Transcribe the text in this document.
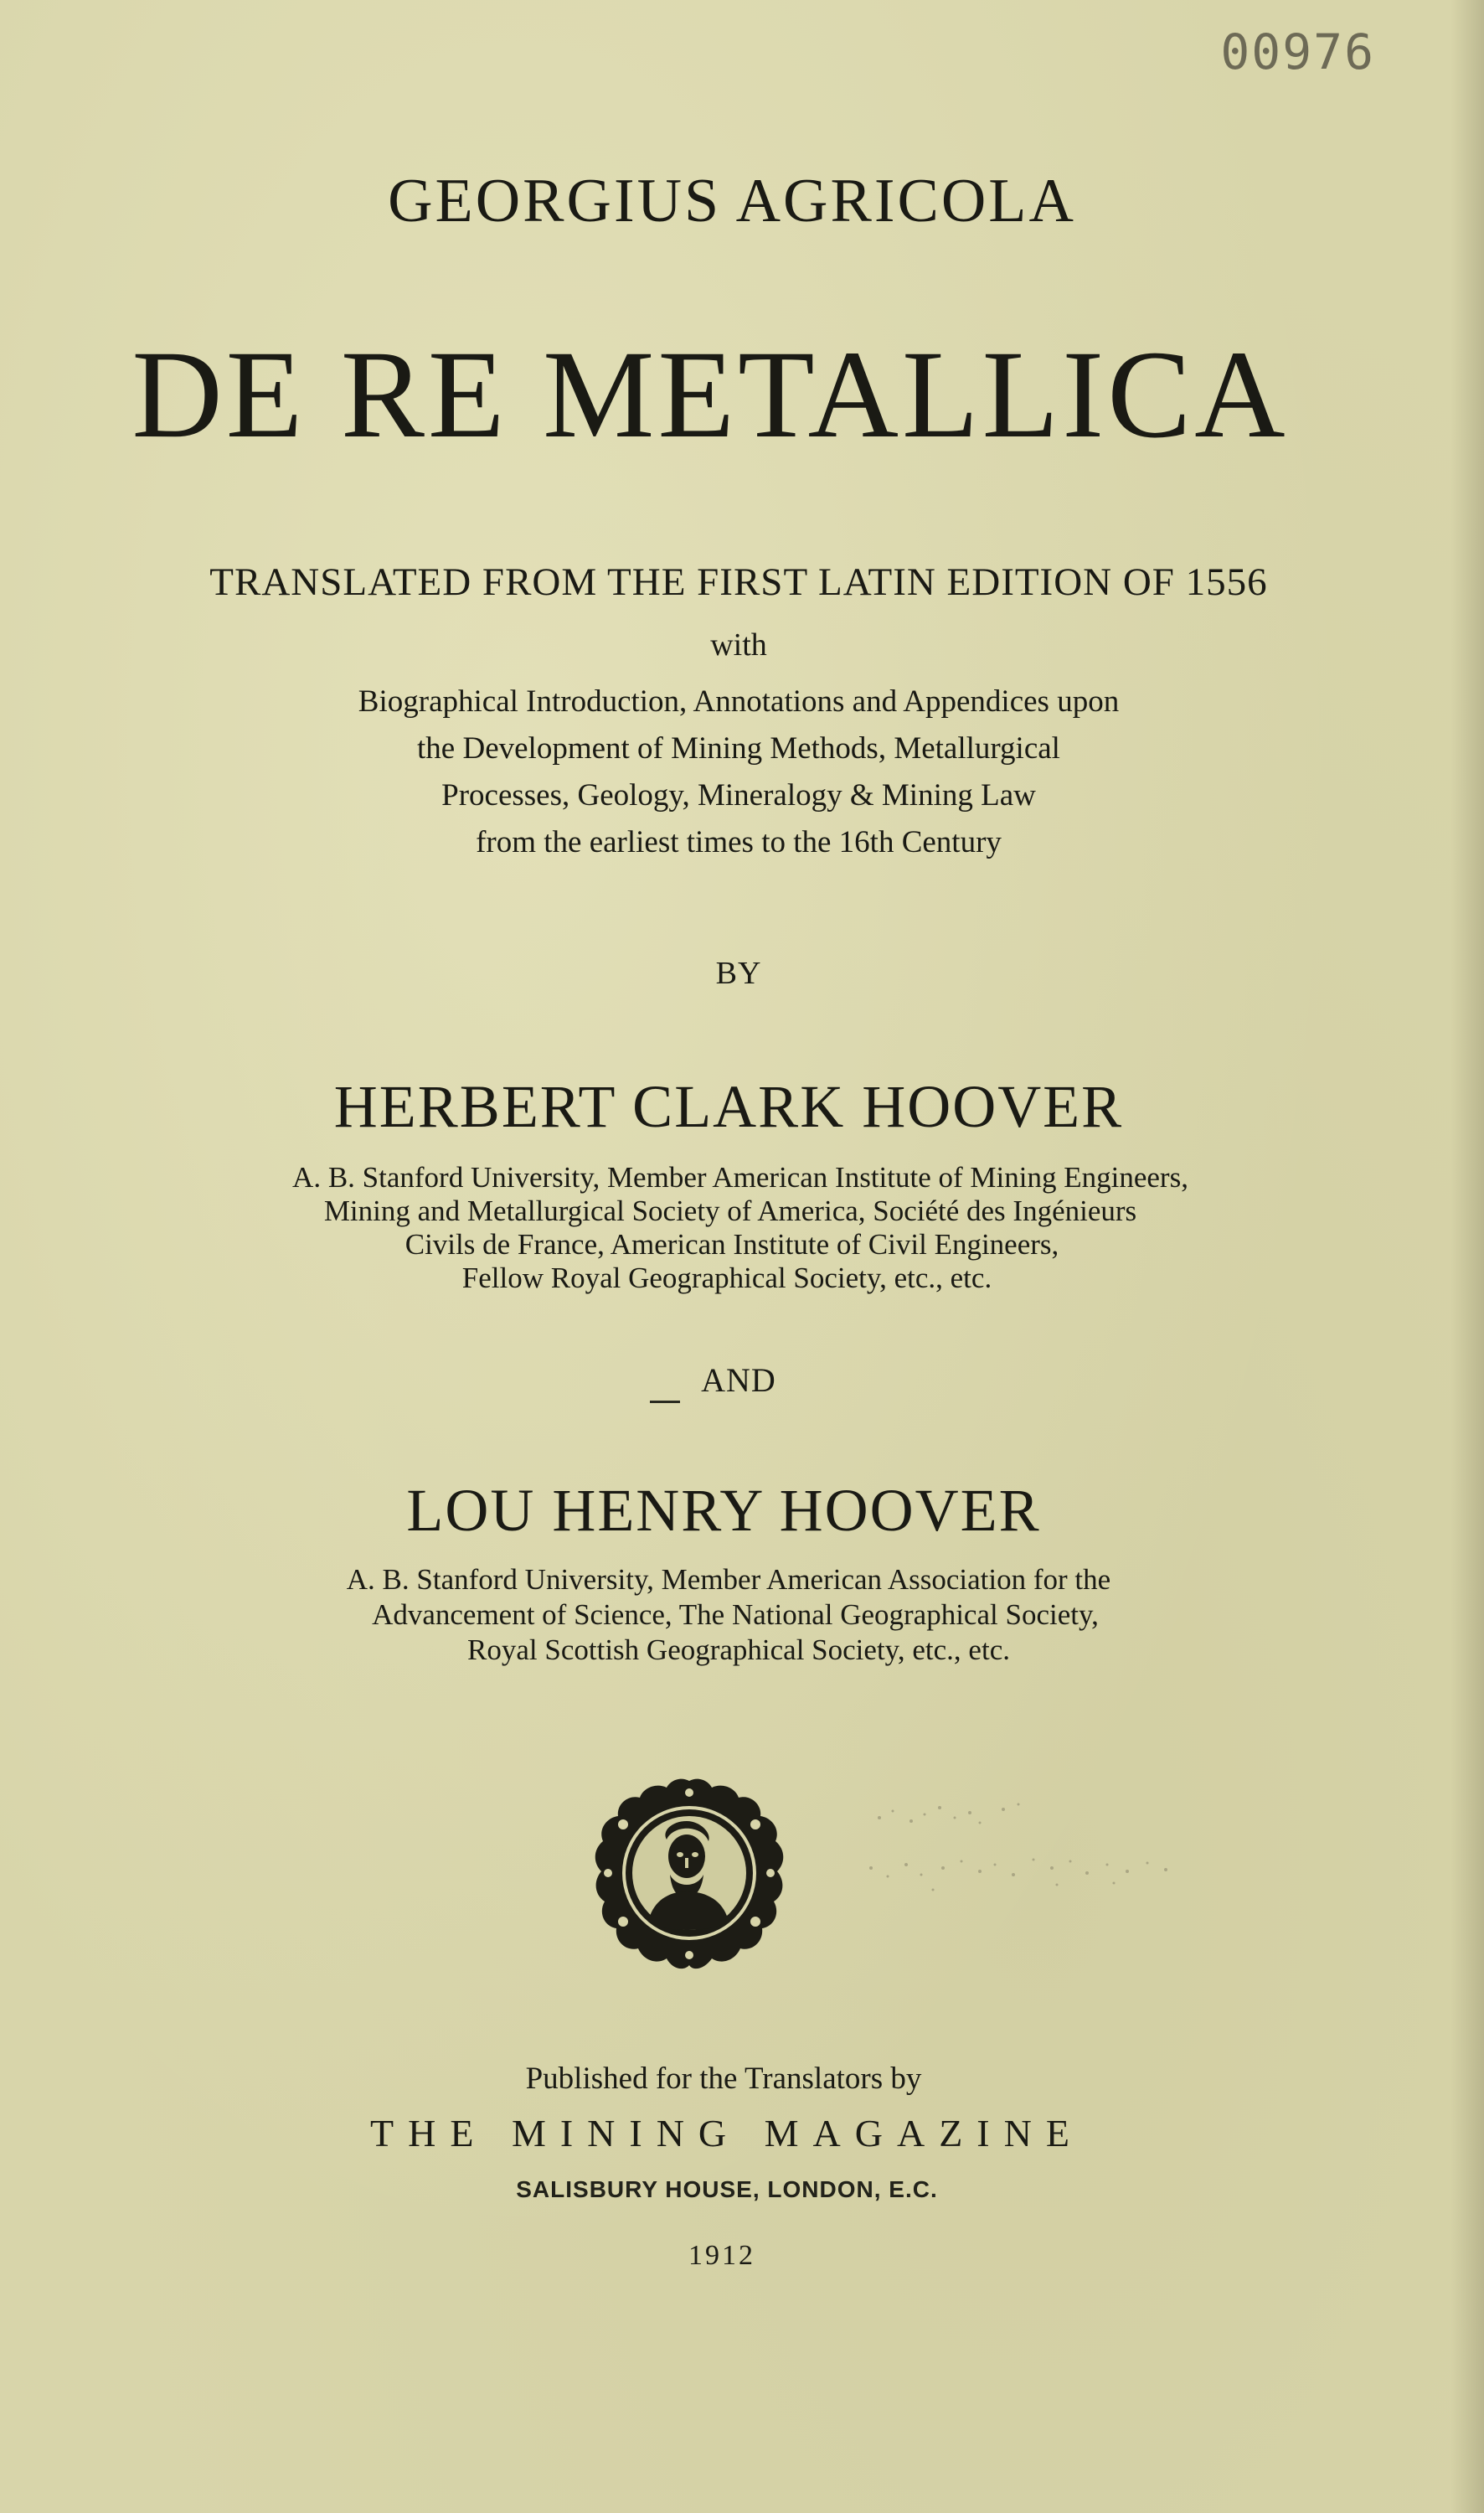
00976

GEORGIUS AGRICOLA

DE RE METALLICA

TRANSLATED FROM THE FIRST LATIN EDITION OF 1556

with

Biographical Introduction, Annotations and Appendices upon

the Development of Mining Methods, Metallurgical

Processes, Geology, Mineralogy & Mining Law

from the earliest times to the 16th Century

BY

HERBERT CLARK HOOVER

A. B. Stanford University, Member American Institute of Mining Engineers,

Mining and Metallurgical Society of America, Société des Ingénieurs

Civils de France, American Institute of Civil Engineers,

Fellow Royal Geographical Society, etc., etc.

AND

LOU HENRY HOOVER

A. B. Stanford University, Member American Association for the

Advancement of Science, The National Geographical Society,

Royal Scottish Geographical Society, etc., etc.

Published for the Translators by

THE MINING MAGAZINE

SALISBURY HOUSE, LONDON, E.C.

1912
